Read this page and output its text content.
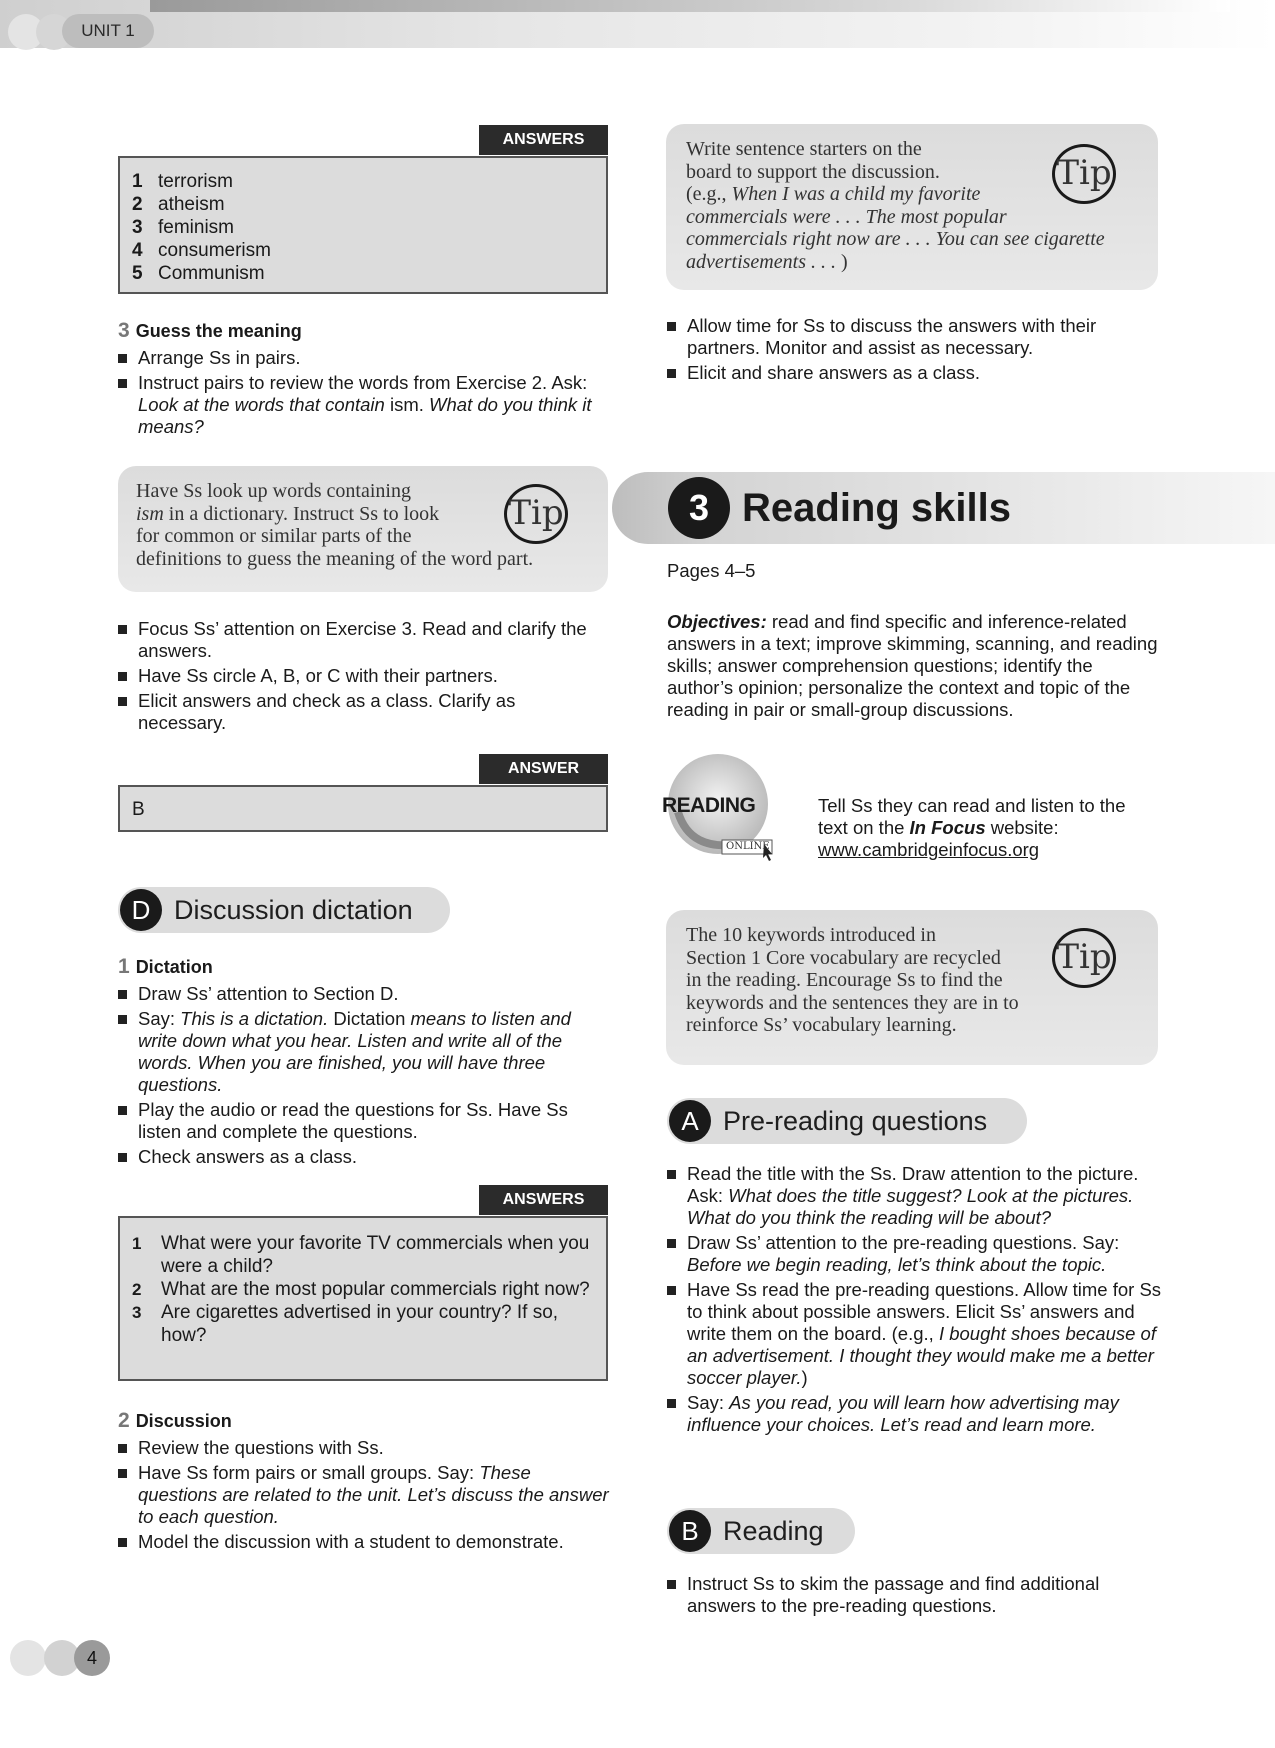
UNIT 1
ANSWERS
1 terrorism
2 atheism
3 feminism
4 consumerism
5 Communism
3 Guess the meaning
Arrange Ss in pairs.
Instruct pairs to review the words from Exercise 2. Ask: Look at the words that contain ism. What do you think it means?
Have Ss look up words containing
ism in a dictionary. Instruct Ss to look
for common or similar parts of the
definitions to guess the meaning of the word part.
Tip
Focus Ss’ attention on Exercise 3. Read and clarify the answers.
Have Ss circle A, B, or C with their partners.
Elicit answers and check as a class. Clarify as necessary.
ANSWER
B
D Discussion dictation
1 Dictation
Draw Ss’ attention to Section D.
Say: This is a dictation. Dictation means to listen and write down what you hear. Listen and write all of the words. When you are finished, you will have three questions.
Play the audio or read the questions for Ss. Have Ss listen and complete the questions.
Check answers as a class.
ANSWERS
1	What were your favorite TV commercials when you were a child?
2	What are the most popular commercials right now?
3	Are cigarettes advertised in your country? If so, how?
2 Discussion
Review the questions with Ss.
Have Ss form pairs or small groups. Say: These questions are related to the unit. Let’s discuss the answer to each question.
Model the discussion with a student to demonstrate.
Write sentence starters on the
board to support the discussion.
(e.g., When I was a child my favorite
commercials were . . . The most popular
commercials right now are . . . You can see cigarette
advertisements . . . )
Tip
Allow time for Ss to discuss the answers with their partners. Monitor and assist as necessary.
Elicit and share answers as a class.
3 Reading skills
Pages 4–5
Objectives: read and find specific and inference-related answers in a text; improve skimming, scanning, and reading skills; answer comprehension questions; identify the author’s opinion; personalize the context and topic of the reading in pair or small-group discussions.
READING
ONLINE
Tell Ss they can read and listen to the text on the In Focus website:
www.cambridgeinfocus.org
The 10 keywords introduced in
Section 1 Core vocabulary are recycled
in the reading. Encourage Ss to find the
keywords and the sentences they are in to
reinforce Ss’ vocabulary learning.
Tip
A Pre-reading questions
Read the title with the Ss. Draw attention to the picture. Ask: What does the title suggest? Look at the pictures. What do you think the reading will be about?
Draw Ss’ attention to the pre-reading questions. Say: Before we begin reading, let’s think about the topic.
Have Ss read the pre-reading questions. Allow time for Ss to think about possible answers. Elicit Ss’ answers and write them on the board. (e.g., I bought shoes because of an advertisement. I thought they would make me a better soccer player.)
Say: As you read, you will learn how advertising may influence your choices. Let’s read and learn more.
B Reading
Instruct Ss to skim the passage and find additional answers to the pre-reading questions.
4
